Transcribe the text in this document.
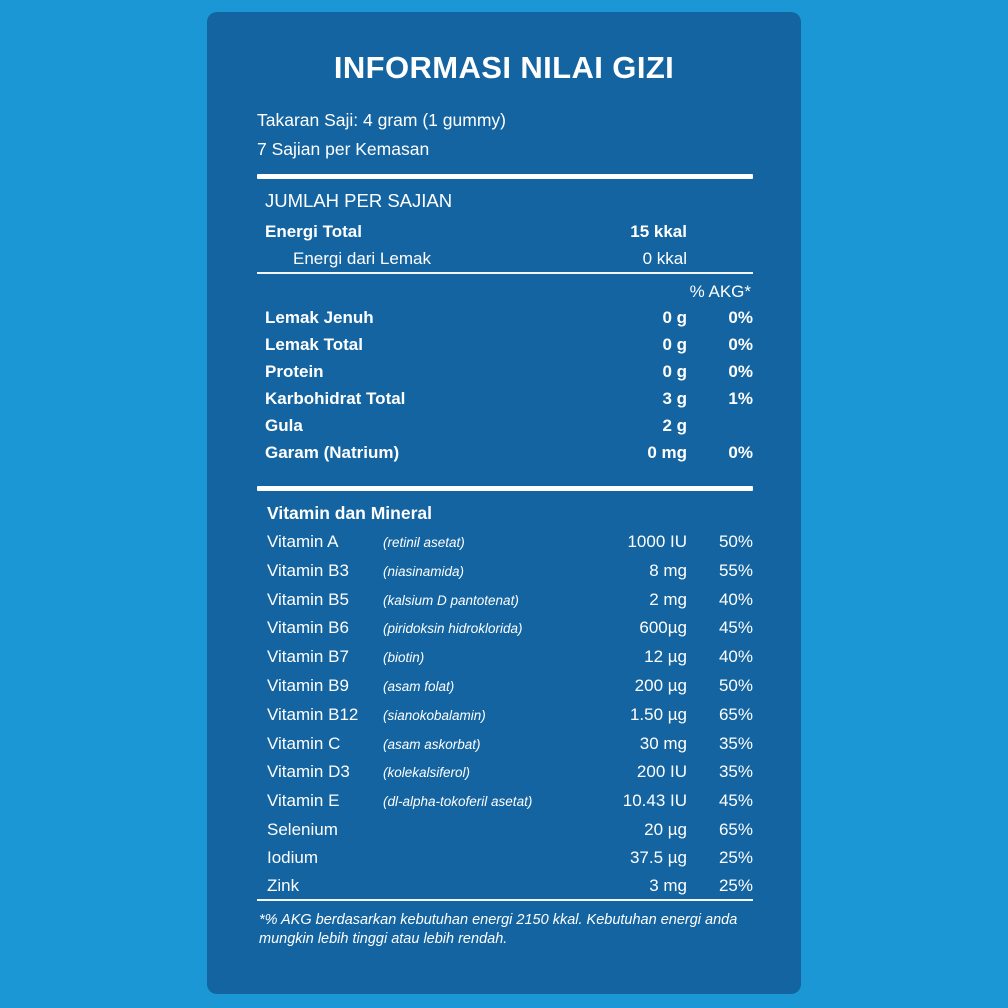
INFORMASI NILAI GIZI
Takaran Saji: 4 gram (1 gummy)
7 Sajian per Kemasan
JUMLAH PER SAJIAN
Energi Total	15 kkal
Energi dari Lemak	0 kkal
% AKG*
Lemak Jenuh	0 g	0%
Lemak Total	0 g	0%
Protein	0 g	0%
Karbohidrat Total	3 g	1%
Gula	2 g
Garam (Natrium)	0 mg	0%
Vitamin dan Mineral
Vitamin A	(retinil asetat)	1000 IU	50%
Vitamin B3	(niasinamida)	8 mg	55%
Vitamin B5	(kalsium D pantotenat)	2 mg	40%
Vitamin B6	(piridoksin hidroklorida)	600µg	45%
Vitamin B7	(biotin)	12 µg	40%
Vitamin B9	(asam folat)	200 µg	50%
Vitamin B12	(sianokobalamin)	1.50 µg	65%
Vitamin C	(asam askorbat)	30 mg	35%
Vitamin D3	(kolekalsiferol)	200 IU	35%
Vitamin E	(dl-alpha-tokoferil asetat)	10.43 IU	45%
Selenium	20 µg	65%
Iodium	37.5 µg	25%
Zink	3 mg	25%
*% AKG berdasarkan kebutuhan energi 2150 kkal. Kebutuhan energi anda mungkin lebih tinggi atau lebih rendah.
